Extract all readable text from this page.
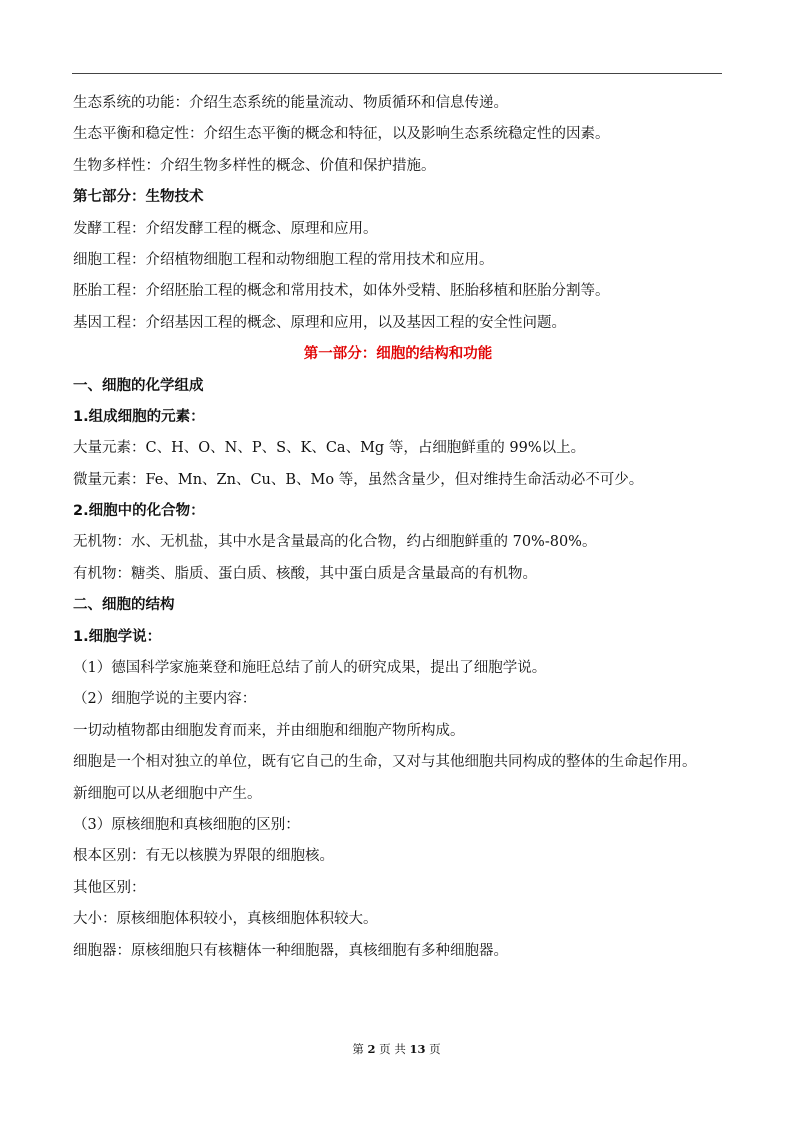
生态系统的功能：介绍生态系统的能量流动、物质循环和信息传递。
生态平衡和稳定性：介绍生态平衡的概念和特征，以及影响生态系统稳定性的因素。
生物多样性：介绍生物多样性的概念、价值和保护措施。
第七部分：生物技术
发酵工程：介绍发酵工程的概念、原理和应用。
细胞工程：介绍植物细胞工程和动物细胞工程的常用技术和应用。
胚胎工程：介绍胚胎工程的概念和常用技术，如体外受精、胚胎移植和胚胎分割等。
基因工程：介绍基因工程的概念、原理和应用，以及基因工程的安全性问题。
第一部分：细胞的结构和功能
一、细胞的化学组成
1.组成细胞的元素：
大量元素：C、H、O、N、P、S、K、Ca、Mg 等，占细胞鲜重的 99%以上。
微量元素：Fe、Mn、Zn、Cu、B、Mo 等，虽然含量少，但对维持生命活动必不可少。
2.细胞中的化合物：
无机物：水、无机盐，其中水是含量最高的化合物，约占细胞鲜重的 70%-80%。
有机物：糖类、脂质、蛋白质、核酸，其中蛋白质是含量最高的有机物。
二、细胞的结构
1.细胞学说：
（1）德国科学家施莱登和施旺总结了前人的研究成果，提出了细胞学说。
（2）细胞学说的主要内容：
一切动植物都由细胞发育而来，并由细胞和细胞产物所构成。
细胞是一个相对独立的单位，既有它自己的生命，又对与其他细胞共同构成的整体的生命起作用。
新细胞可以从老细胞中产生。
（3）原核细胞和真核细胞的区别：
根本区别：有无以核膜为界限的细胞核。
其他区别：
大小：原核细胞体积较小，真核细胞体积较大。
细胞器：原核细胞只有核糖体一种细胞器，真核细胞有多种细胞器。
第 2 页 共 13 页
